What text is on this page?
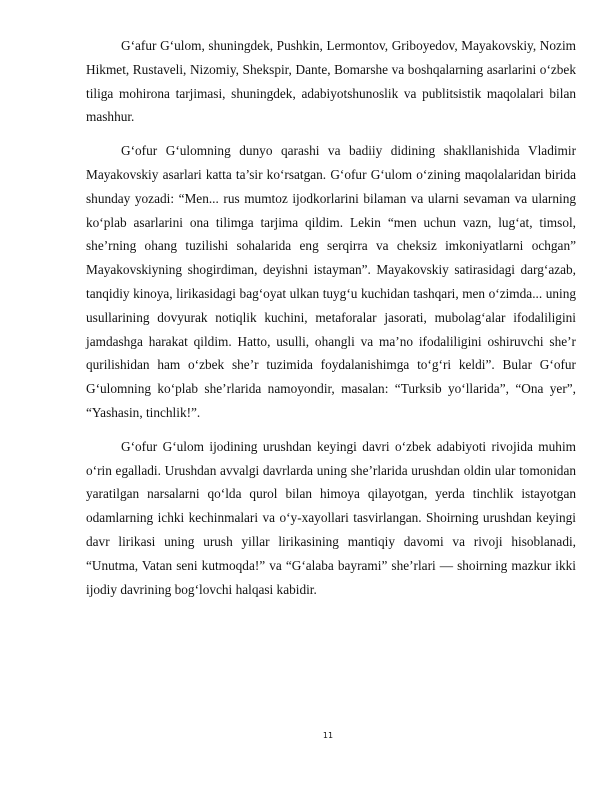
G‘afur G‘ulom, shuningdek, Pushkin, Lermontov, Griboyedov, Mayakovskiy, Nozim Hikmet, Rustaveli, Nizomiy, Shekspir, Dante, Bomarshe va boshqalarning asarlarini o‘zbek tiliga mohirona tarjimasi, shuningdek, adabiyotshunoslik va publitsistik maqolalari bilan mashhur.

G‘ofur G‘ulomning dunyo qarashi va badiiy didining shakllanishida Vladimir Mayakovskiy asarlari katta ta’sir ko‘rsatgan. G‘ofur G‘ulom o‘zining maqolalaridan birida shunday yozadi: “Men... rus mumtoz ijodkorlarini bilaman va ularni sevaman va ularning ko‘plab asarlarini ona tilimga tarjima qildim. Lekin “men uchun vazn, lug‘at, timsol, she’rning ohang tuzilishi sohalarida eng serqirra va cheksiz imkoniyatlarni ochgan” Mayakovskiyning shogirdiman, deyishni istayman”. Mayakovskiy satirasidagi darg‘azab, tanqidiy kinoya, lirikasidagi bag‘oyat ulkan tuyg‘u kuchidan tashqari, men o‘zimda... uning usullarining dovyurak notiqlik kuchini, metaforalar jasorati, mubolag‘alar ifodaliligini jamdashga harakat qildim. Hatto, usulli, ohangli va ma’no ifodaliligini oshiruvchi she’r qurilishidan ham o‘zbek she’r tuzimida foydalanishimga to‘g‘ri keldi”. Bular G‘ofur G‘ulomning ko‘plab she’rlarida namoyondir, masalan: “Turksib yo‘llarida”, “Ona yer”, “Yashasin, tinchlik!”.

G‘ofur G‘ulom ijodining urushdan keyingi davri o‘zbek adabiyoti rivojida muhim o‘rin egalladi. Urushdan avvalgi davrlarda uning she’rlarida urushdan oldin ular tomonidan yaratilgan narsalarni qo‘lda qurol bilan himoya qilayotgan, yerda tinchlik istayotgan odamlarning ichki kechinmalari va o‘y-xayollari tasvirlangan. Shoirning urushdan keyingi davr lirikasi uning urush yillar lirikasining mantiqiy davomi va rivoji hisoblanadi, “Unutma, Vatan seni kutmoqda!” va “G‘alaba bayrami” she’rlari — shoirning mazkur ikki ijodiy davrining bog‘lovchi halqasi kabidir.

11
